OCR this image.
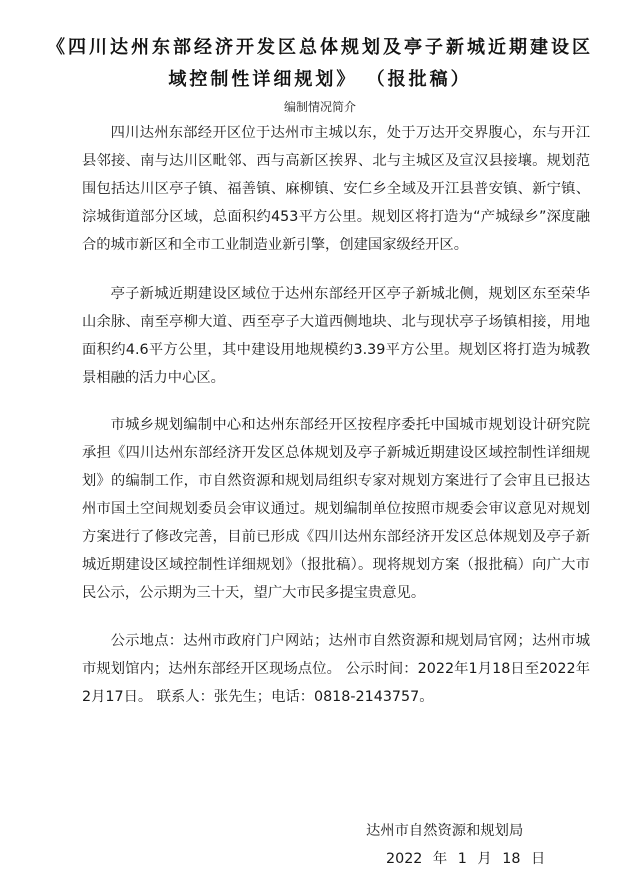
《四川达州东部经济开发区总体规划及亭子新城近期建设区
域控制性详细规划》 （报批稿）
编制情况简介

四川达州东部经开区位于达州市主城以东，处于万达开交界腹心，东与开江县邻接、南与达川区毗邻、西与高新区挨界、北与主城区及宣汉县接壤。规划范围包括达川区亭子镇、福善镇、麻柳镇、安仁乡全域及开江县普安镇、新宁镇、淙城街道部分区域，总面积约453平方公里。规划区将打造为“产城绿乡”深度融合的城市新区和全市工业制造业新引擎，创建国家级经开区。

亭子新城近期建设区域位于达州东部经开区亭子新城北侧，规划区东至荣华山余脉、南至亭柳大道、西至亭子大道西侧地块、北与现状亭子场镇相接，用地面积约4.6平方公里，其中建设用地规模约3.39平方公里。规划区将打造为城教景相融的活力中心区。

市城乡规划编制中心和达州东部经开区按程序委托中国城市规划设计研究院承担《四川达州东部经济开发区总体规划及亭子新城近期建设区域控制性详细规划》的编制工作，市自然资源和规划局组织专家对规划方案进行了会审且已报达州市国土空间规划委员会审议通过。规划编制单位按照市规委会审议意见对规划方案进行了修改完善，目前已形成《四川达州东部经济开发区总体规划及亭子新城近期建设区域控制性详细规划》（报批稿）。现将规划方案（报批稿）向广大市民公示，公示期为三十天，望广大市民多提宝贵意见。

公示地点：达州市政府门户网站；达州市自然资源和规划局官网；达州市城市规划馆内；达州东部经开区现场点位。 公示时间：2022年1月18日至2022年2月17日。 联系人：张先生；电话：0818-2143757。

达州市自然资源和规划局
2022 年 1 月 18 日
